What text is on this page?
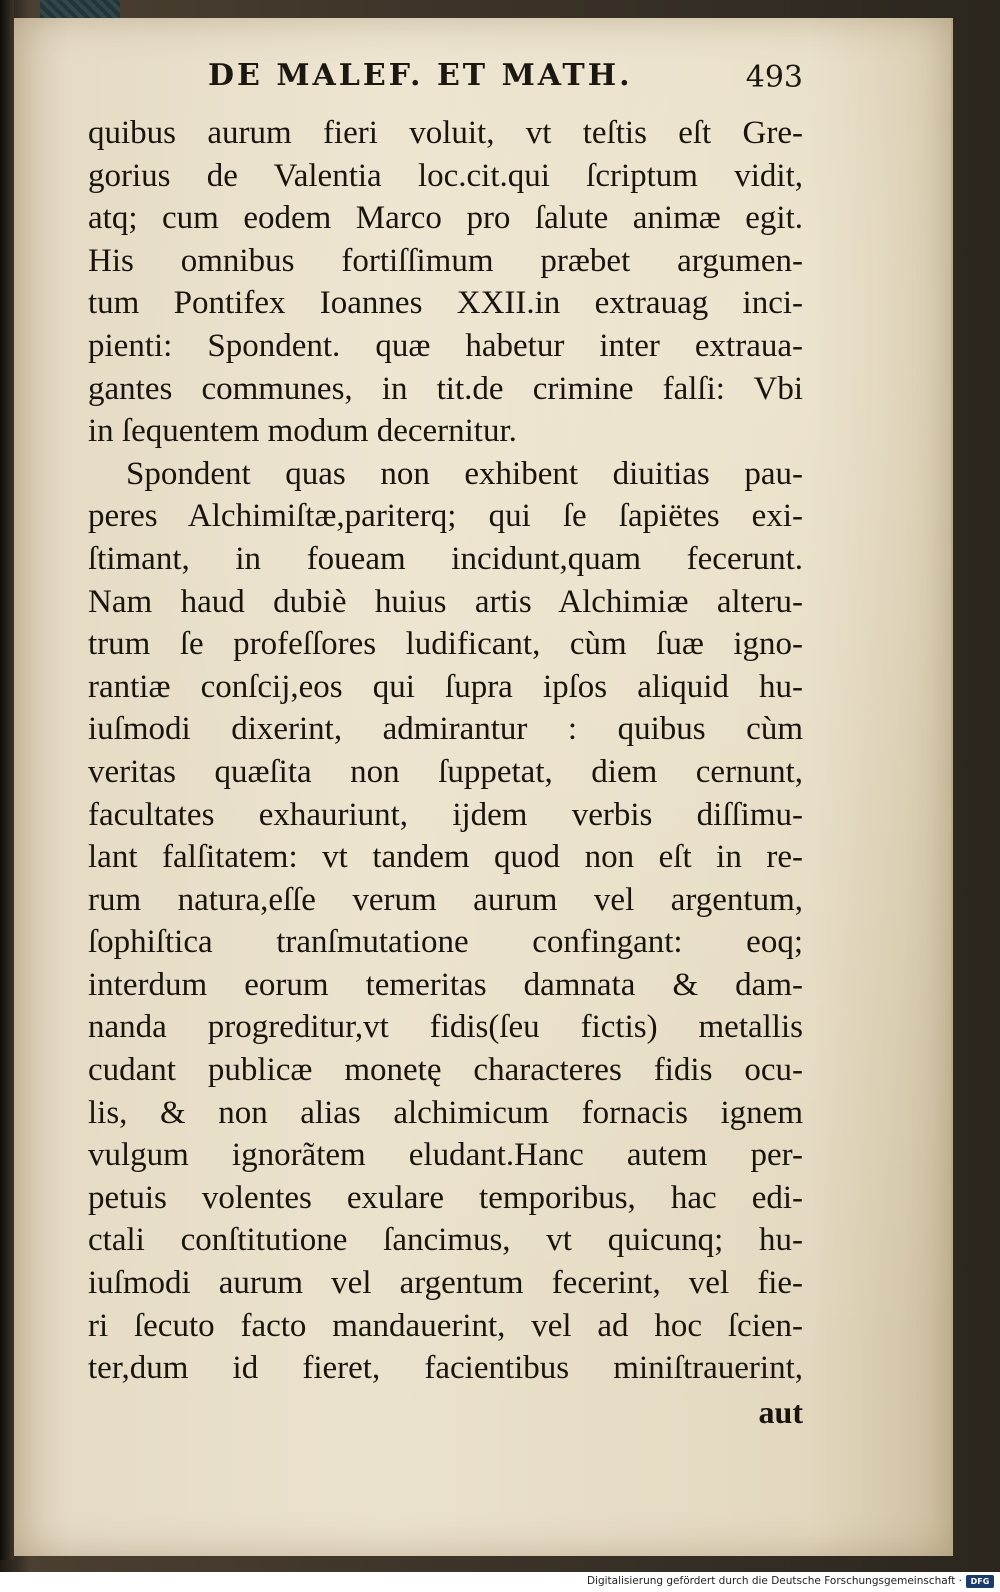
DE MALEF. ET MATH.	493
quibus aurum fieri voluit, vt teſtis eſt Gre-
gorius de Valentia loc.cit.qui ſcriptum vidit,
atq; cum eodem Marco pro ſalute animæ egit.
His omnibus fortiſſimum præbet argumen-
tum Pontifex Ioannes XXII.in extrauag inci-
pienti: Spondent. quæ habetur inter extraua-
gantes communes, in tit.de crimine falſi: Vbi
in ſequentem modum decernitur.
Spondent quas non exhibent diuitias pau-
peres Alchimiſtæ,pariterq; qui ſe ſapiëtes exi-
ſtimant, in foueam incidunt,quam fecerunt.
Nam haud dubiè huius artis Alchimiæ alteru-
trum ſe profeſſores ludificant, cùm ſuæ igno-
rantiæ conſcij,eos qui ſupra ipſos aliquid hu-
iuſmodi dixerint, admirantur : quibus cùm
veritas quæſita non ſuppetat, diem cernunt,
facultates exhauriunt, ijdem verbis diſſimu-
lant falſitatem: vt tandem quod non eſt in re-
rum natura,eſſe verum aurum vel argentum,
ſophiſtica tranſmutatione confingant: eoq;
interdum eorum temeritas damnata & dam-
nanda progreditur,vt fidis(ſeu fictis) metallis
cudant publicæ monetę characteres fidis ocu-
lis, & non alias alchimicum fornacis ignem
vulgum ignorãtem eludant.Hanc autem per-
petuis volentes exulare temporibus, hac edi-
ctali conſtitutione ſancimus, vt quicunq; hu-
iuſmodi aurum vel argentum fecerint, vel fie-
ri ſecuto facto mandauerint, vel ad hoc ſcien-
ter,dum id fieret, facientibus miniſtrauerint,
aut
Digitalisierung gefördert durch die Deutsche Forschungsgemeinschaft ·	DFG
